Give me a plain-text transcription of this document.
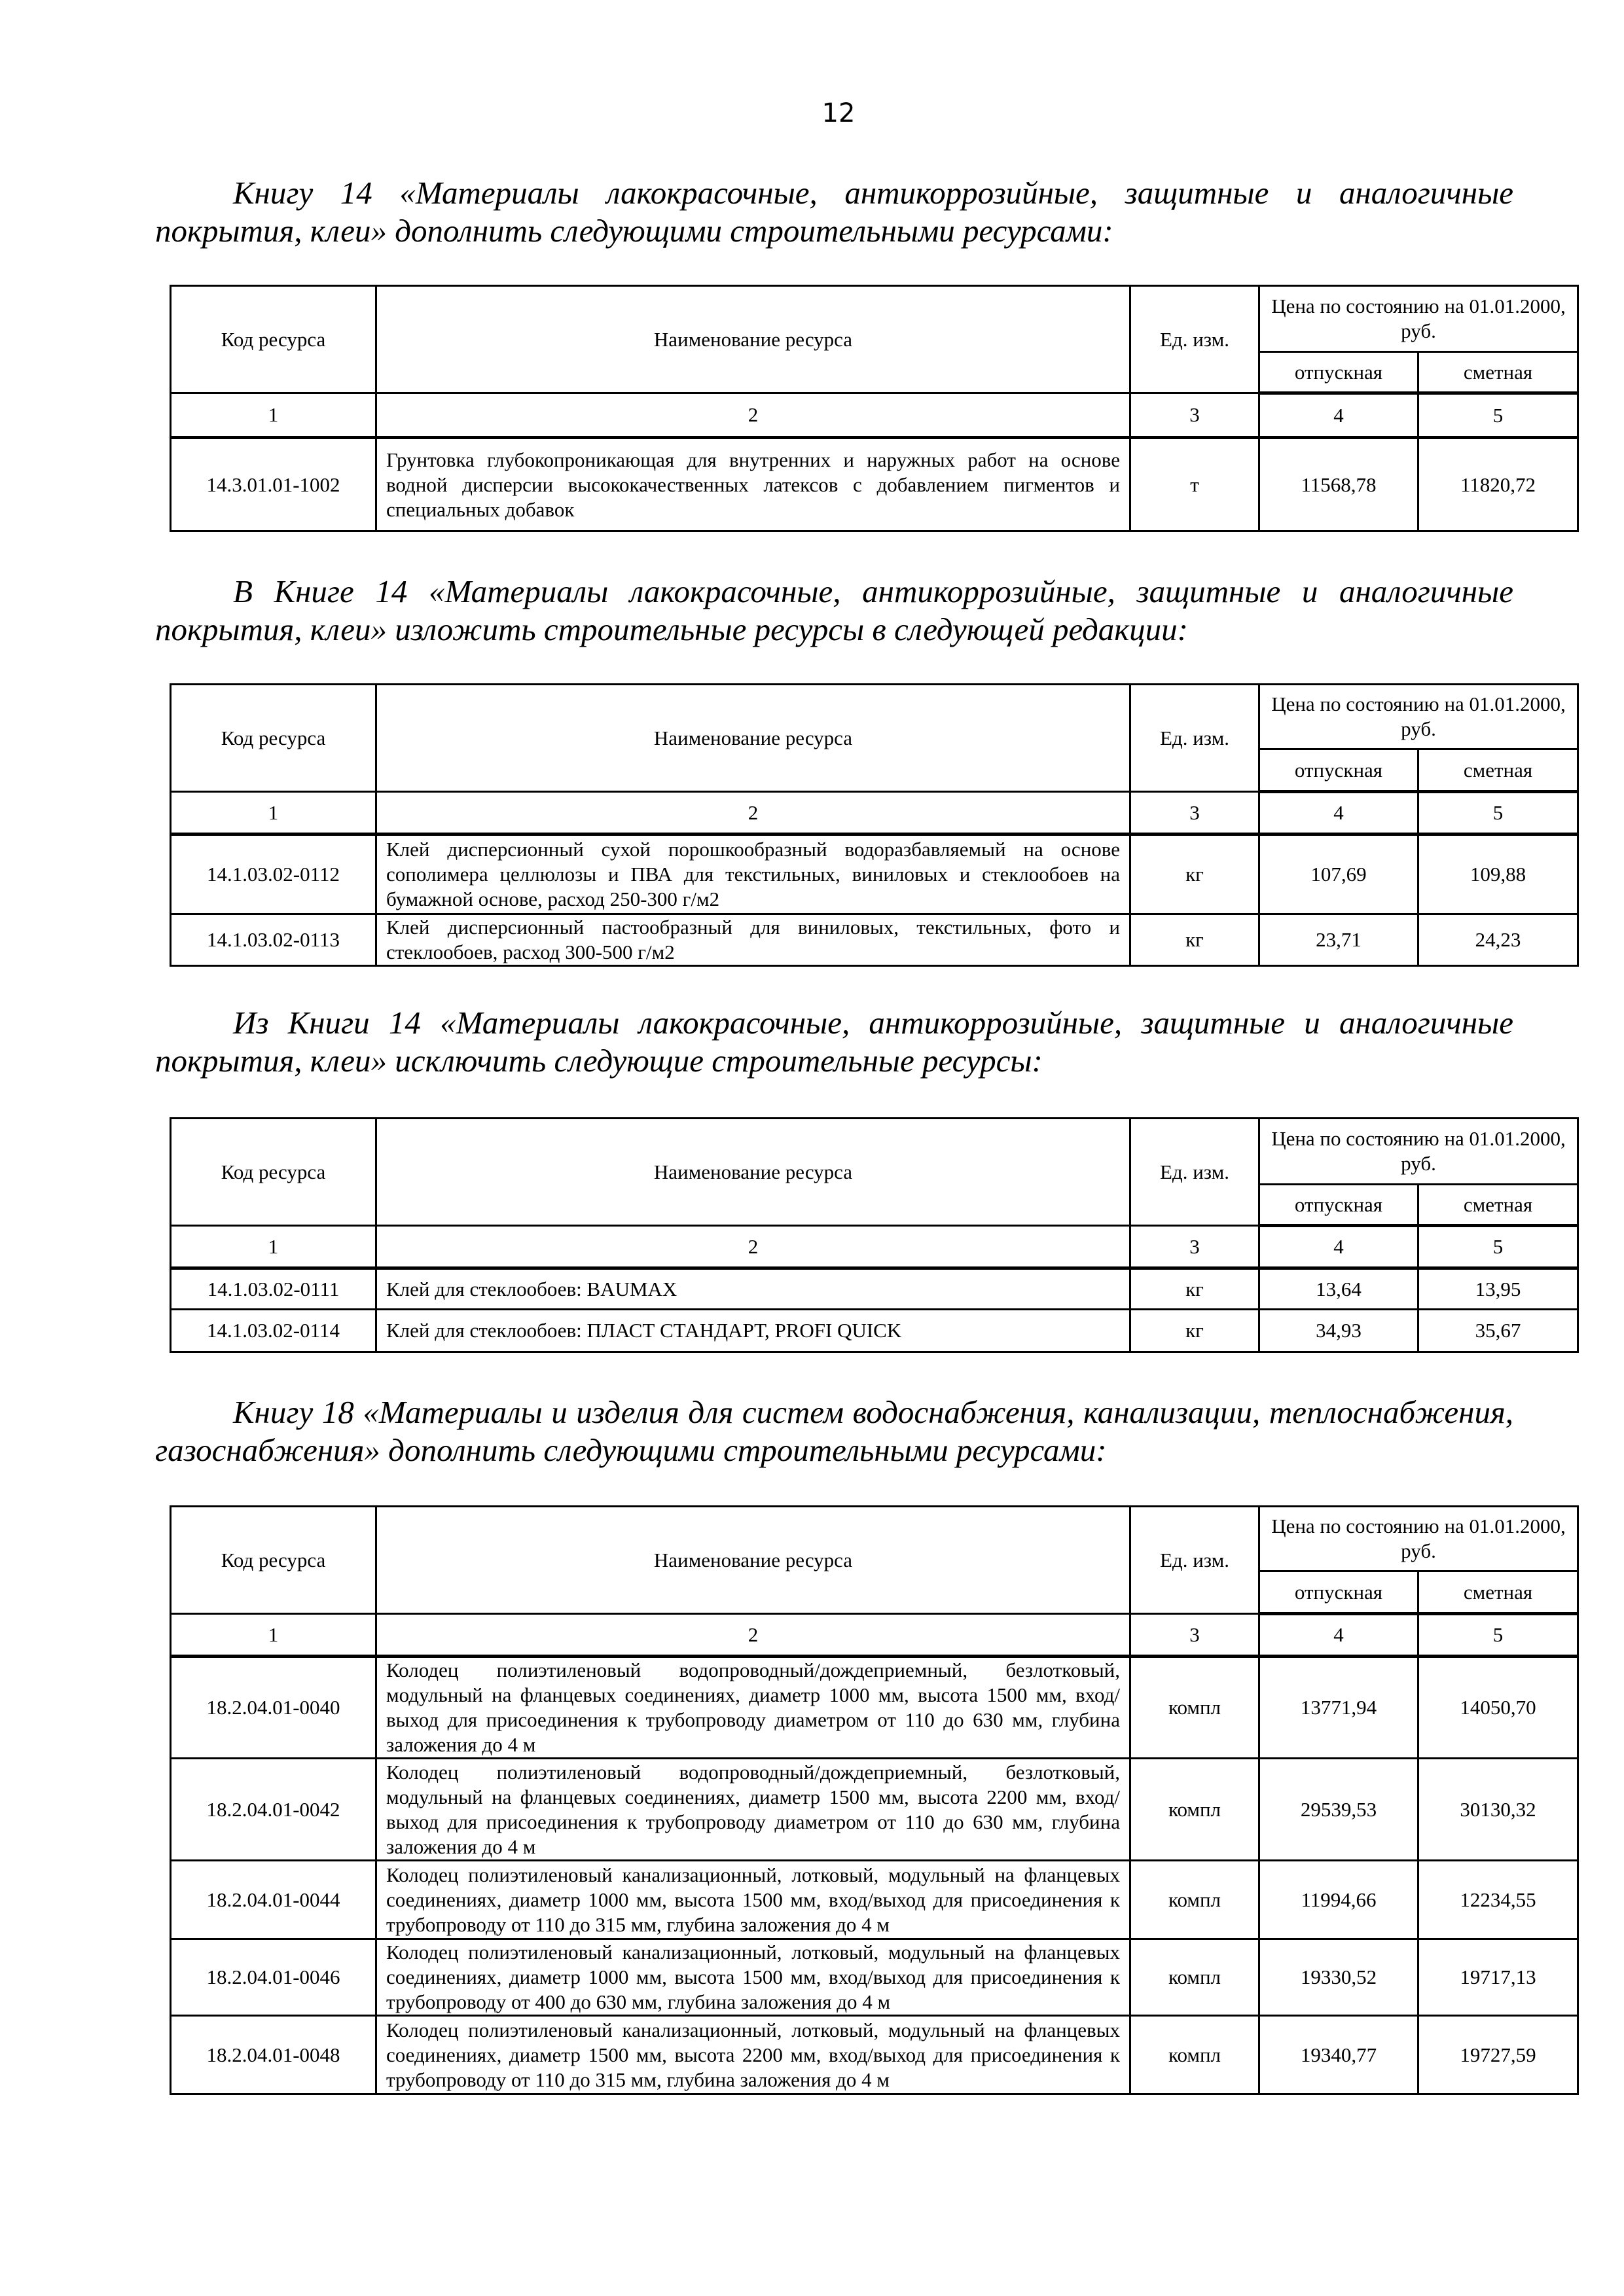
12
Книгу 14 «Материалы лакокрасочные, антикоррозийные, защитные и аналогичные покрытия, клеи» дополнить следующими строительными ресурсами:
Код ресурса	Наименование ресурса	Ед. изм.	Цена по состоянию на 01.01.2000, руб.	
			отпускная	сметная
1	2	3	4	5
14.3.01.01-1002	Грунтовка глубокопроникающая для внутренних и наружных работ на основе водной дисперсии высококачественных латексов с добавлением пигментов и специальных добавок	т	11568,78	11820,72
В Книге 14 «Материалы лакокрасочные, антикоррозийные, защитные и аналогичные покрытия, клеи» изложить строительные ресурсы в следующей редакции:
Код ресурса	Наименование ресурса	Ед. изм.	Цена по состоянию на 01.01.2000, руб.	
			отпускная	сметная
1	2	3	4	5
14.1.03.02-0112	Клей дисперсионный сухой порошкообразный водоразбавляемый на основе сополимера целлюлозы и ПВА для текстильных, виниловых и стеклообоев на бумажной основе, расход 250-300 г/м2	кг	107,69	109,88
14.1.03.02-0113	Клей дисперсионный пастообразный для виниловых, текстильных, фото и стеклообоев, расход 300-500 г/м2	кг	23,71	24,23
Из Книги 14 «Материалы лакокрасочные, антикоррозийные, защитные и аналогичные покрытия, клеи» исключить следующие строительные ресурсы:
Код ресурса	Наименование ресурса	Ед. изм.	Цена по состоянию на 01.01.2000, руб.	
			отпускная	сметная
1	2	3	4	5
14.1.03.02-0111	Клей для стеклообоев: BAUMAX	кг	13,64	13,95
14.1.03.02-0114	Клей для стеклообоев: ПЛАСТ СТАНДАРТ, PROFI QUICK	кг	34,93	35,67
Книгу 18 «Материалы и изделия для систем водоснабжения, канализации, теплоснабжения, газоснабжения» дополнить следующими строительными ресурсами:
Код ресурса	Наименование ресурса	Ед. изм.	Цена по состоянию на 01.01.2000, руб.	
			отпускная	сметная
1	2	3	4	5
18.2.04.01-0040	Колодец полиэтиленовый водопроводный/дождеприемный, безлотковый, модульный на фланцевых соединениях, диаметр 1000 мм, высота 1500 мм, вход/выход для присоединения к трубопроводу диаметром от 110 до 630 мм, глубина заложения до 4 м	компл	13771,94	14050,70
18.2.04.01-0042	Колодец полиэтиленовый водопроводный/дождеприемный, безлотковый, модульный на фланцевых соединениях, диаметр 1500 мм, высота 2200 мм, вход/выход для присоединения к трубопроводу диаметром от 110 до 630 мм, глубина заложения до 4 м	компл	29539,53	30130,32
18.2.04.01-0044	Колодец полиэтиленовый канализационный, лотковый, модульный на фланцевых соединениях, диаметр 1000 мм, высота 1500 мм, вход/выход для присоединения к трубопроводу от 110 до 315 мм, глубина заложения до 4 м	компл	11994,66	12234,55
18.2.04.01-0046	Колодец полиэтиленовый канализационный, лотковый, модульный на фланцевых соединениях, диаметр 1000 мм, высота 1500 мм, вход/выход для присоединения к трубопроводу от 400 до 630 мм, глубина заложения до 4 м	компл	19330,52	19717,13
18.2.04.01-0048	Колодец полиэтиленовый канализационный, лотковый, модульный на фланцевых соединениях, диаметр 1500 мм, высота 2200 мм, вход/выход для присоединения к трубопроводу от 110 до 315 мм, глубина заложения до 4 м	компл	19340,77	19727,59
